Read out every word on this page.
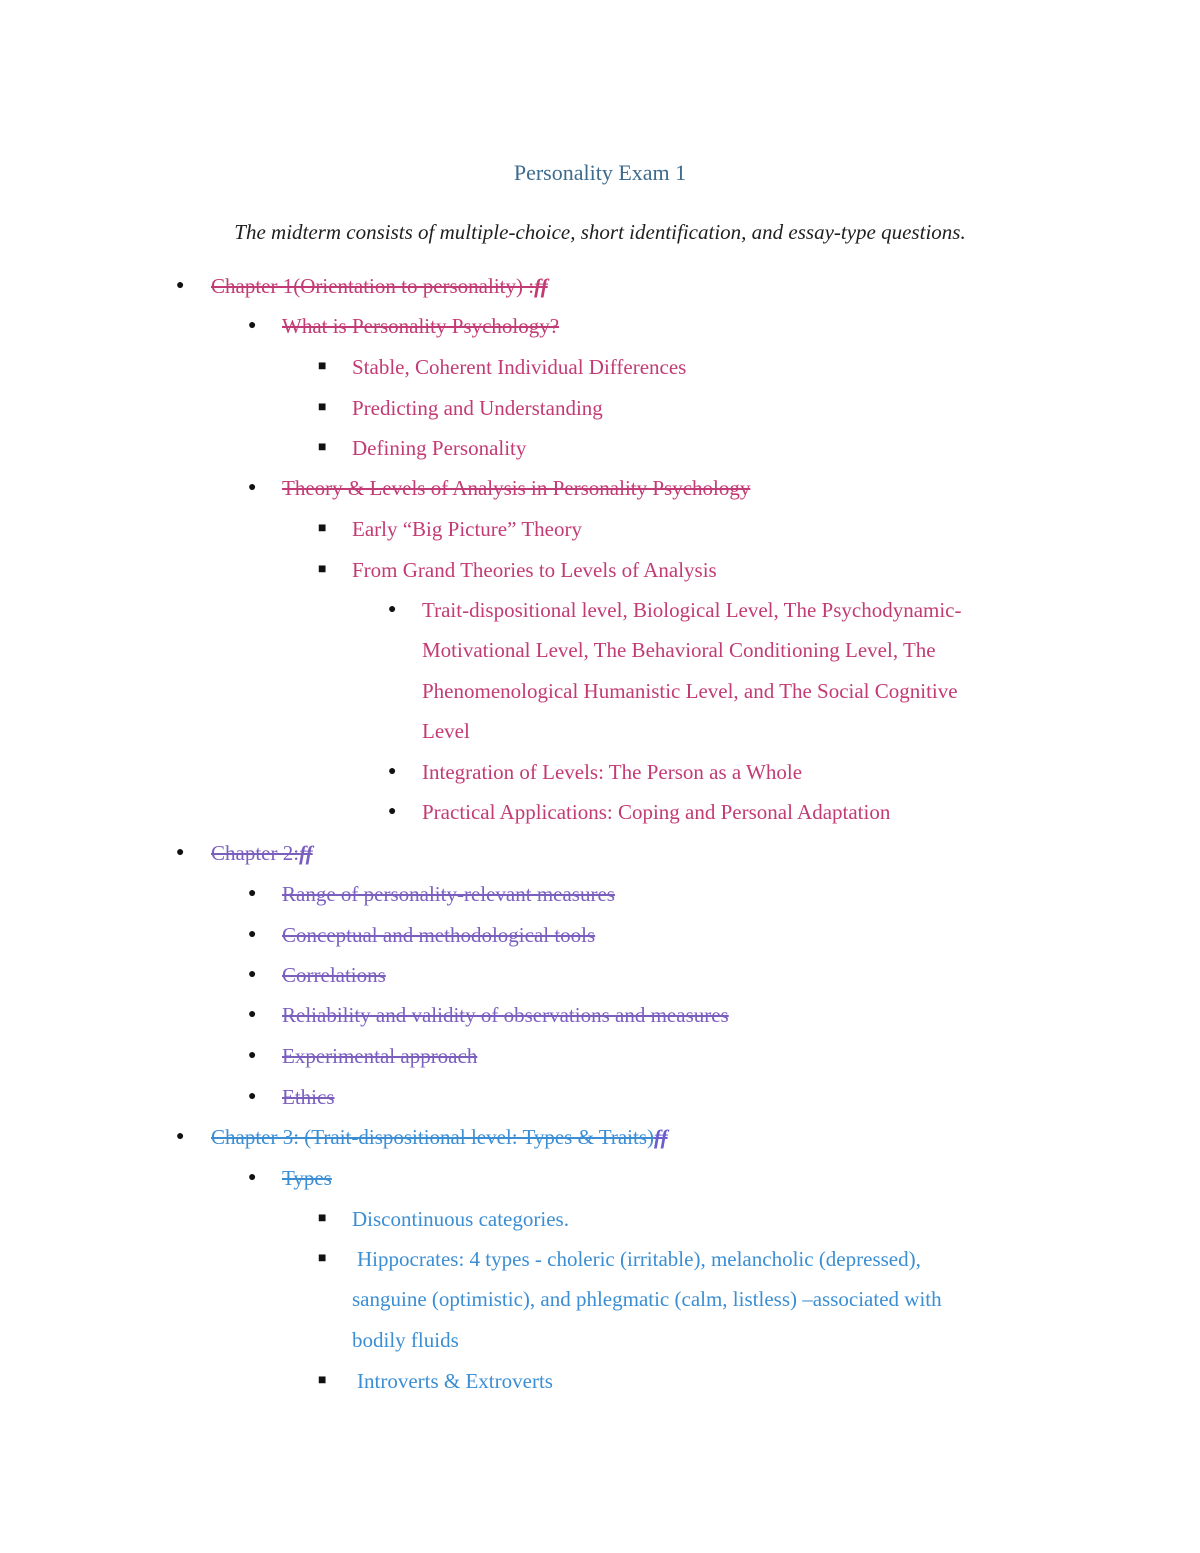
Personality Exam 1
The midterm consists of multiple-choice, short identification, and essay-type questions.
● Chapter 1(Orientation to personality) :ff
● What is Personality Psychology?
■ Stable, Coherent Individual Differences
■ Predicting and Understanding
■ Defining Personality
● Theory & Levels of Analysis in Personality Psychology
■ Early “Big Picture” Theory
■ From Grand Theories to Levels of Analysis
● Trait-dispositional level, Biological Level, The Psychodynamic-
Motivational Level, The Behavioral Conditioning Level, The
Phenomenological Humanistic Level, and The Social Cognitive
Level
● Integration of Levels: The Person as a Whole
● Practical Applications: Coping and Personal Adaptation
● Chapter 2:ff
● Range of personality-relevant measures
● Conceptual and methodological tools
● Correlations
● Reliability and validity of observations and measures
● Experimental approach
● Ethics
● Chapter 3: (Trait-dispositional level: Types & Traits)ff
● Types
■ Discontinuous categories.
■ Hippocrates: 4 types - choleric (irritable), melancholic (depressed),
sanguine (optimistic), and phlegmatic (calm, listless) –associated with
bodily fluids
■ Introverts & Extroverts
